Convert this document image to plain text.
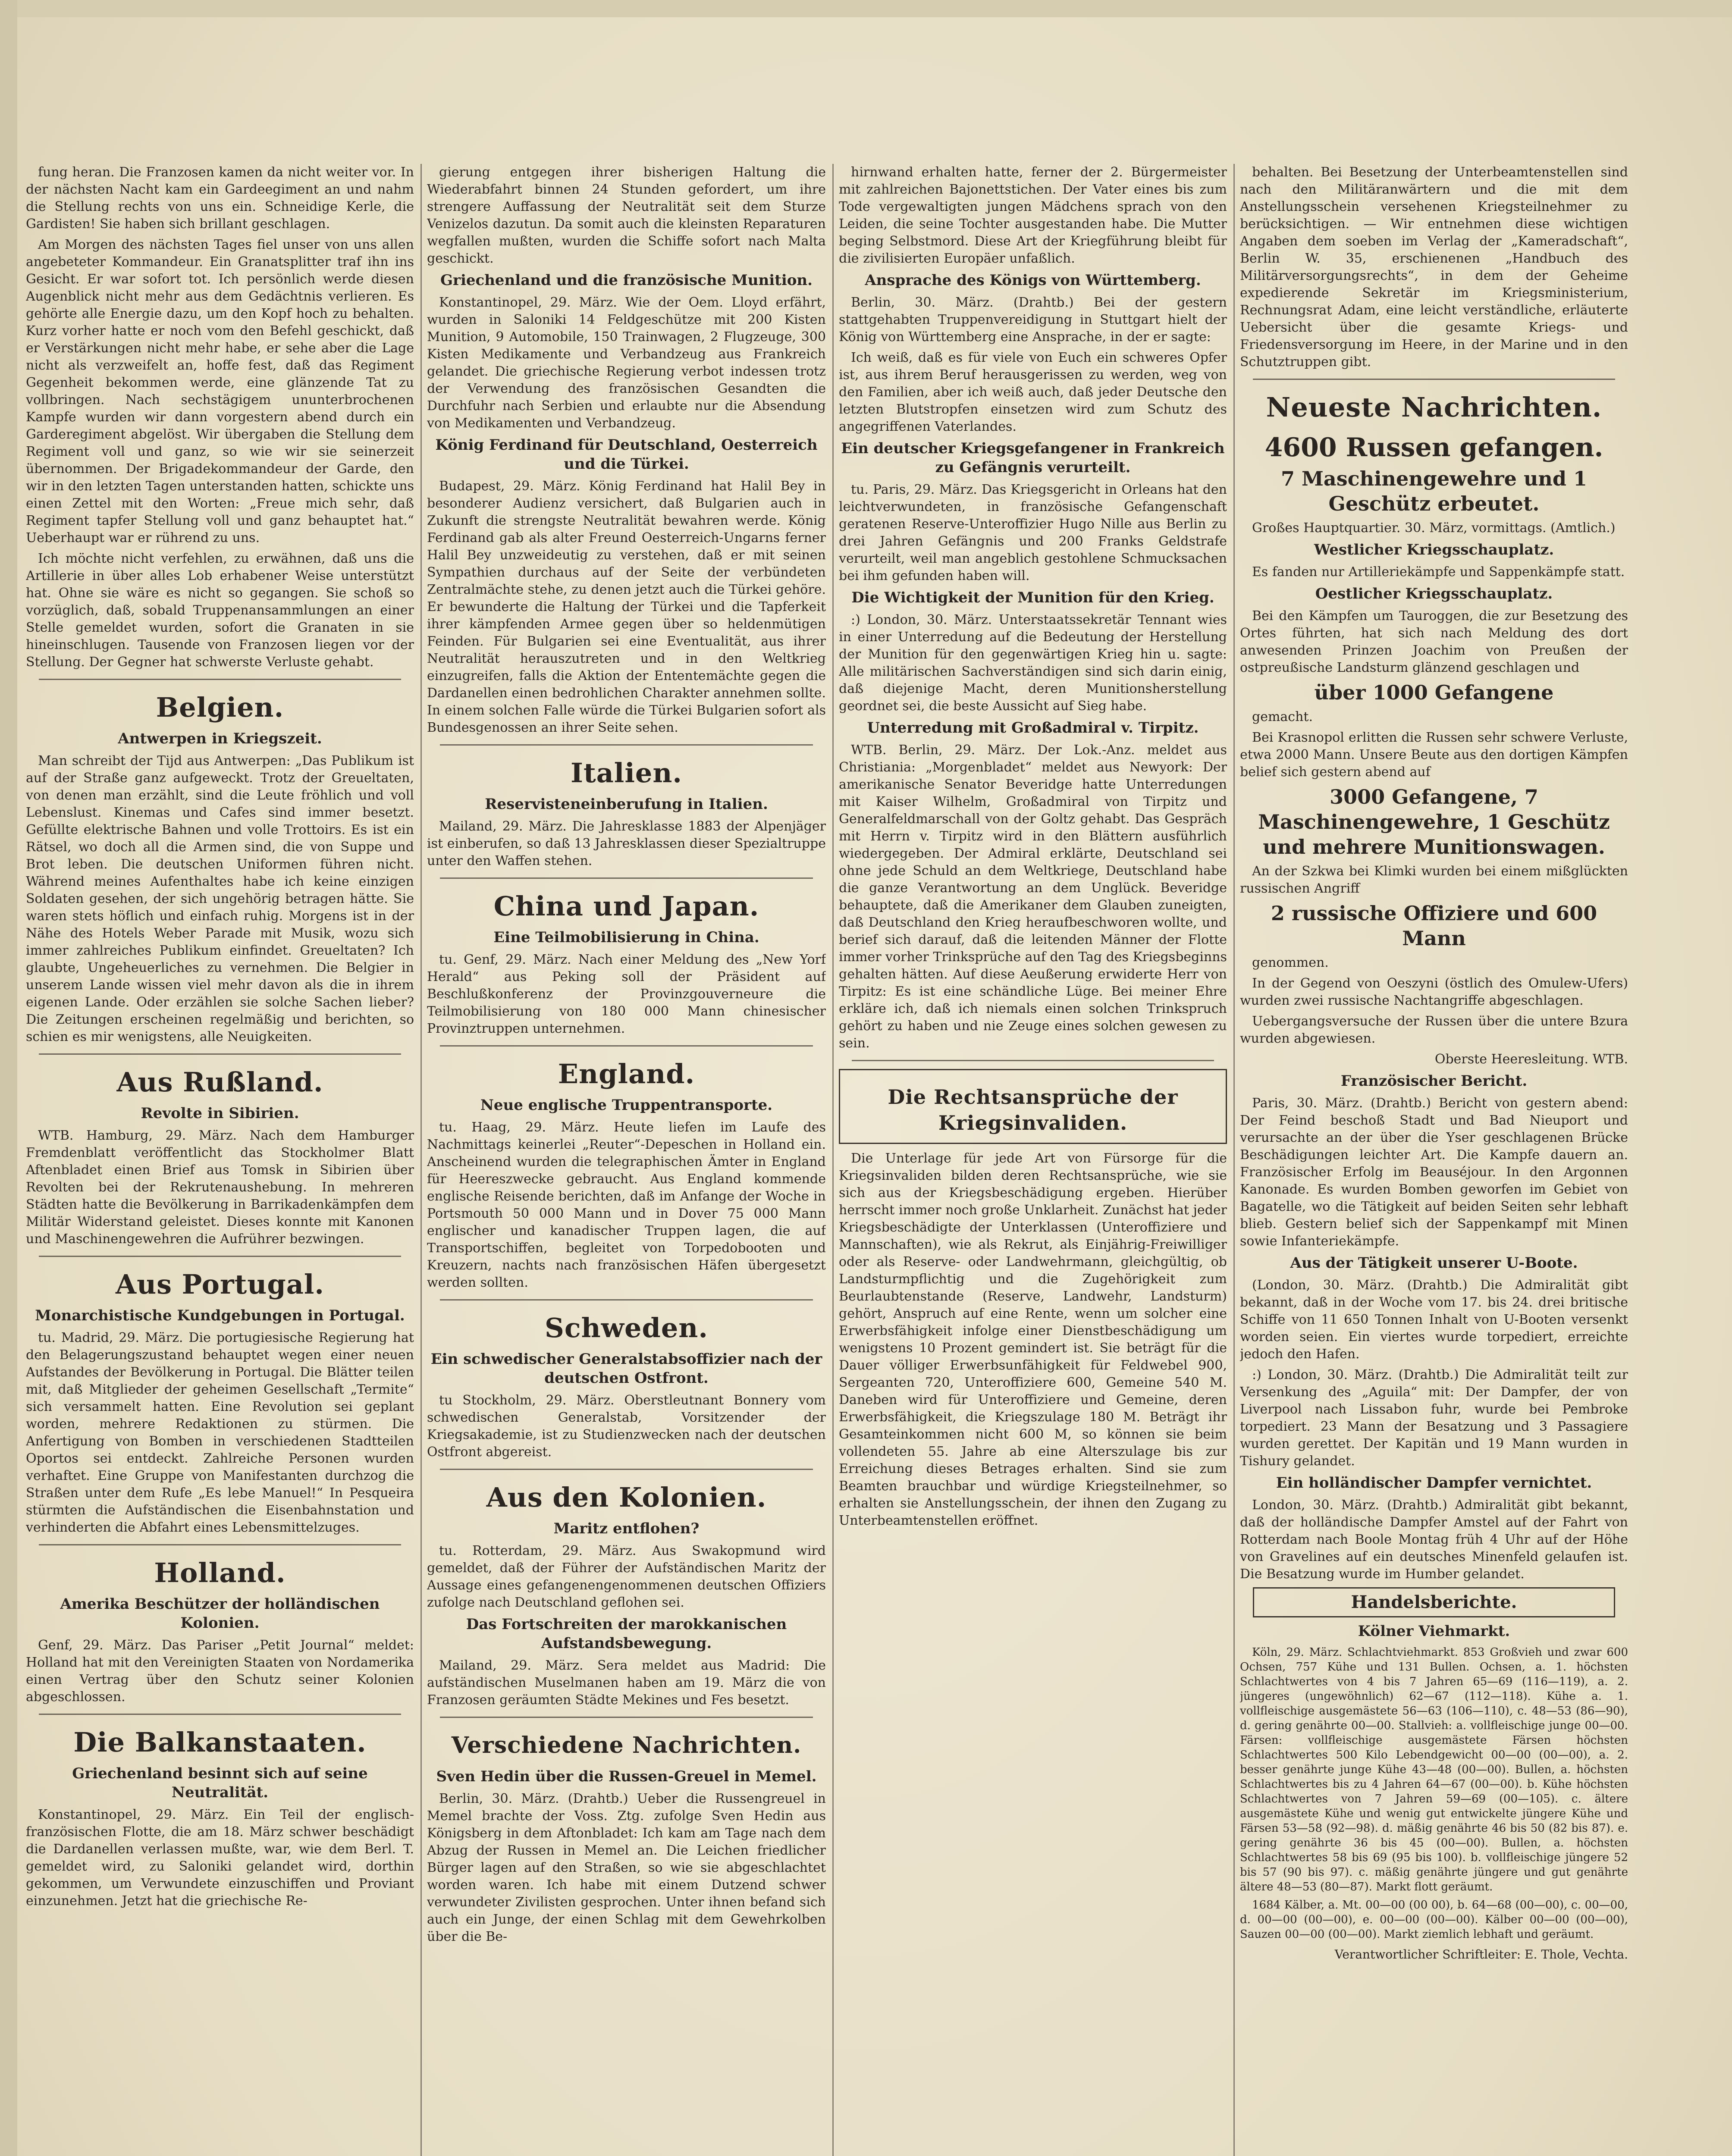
fung heran. Die Franzosen kamen da nicht weiter vor. In der nächsten Nacht kam ein Gardeegiment an und nahm die Stellung rechts von uns ein. Schneidige Kerle, die Gardisten! Sie haben sich brillant geschlagen.

Am Morgen des nächsten Tages fiel unser von uns allen angebeteter Kommandeur. Ein Granatsplitter traf ihn ins Gesicht. Er war sofort tot. Ich persönlich werde diesen Augenblick nicht mehr aus dem Gedächtnis verlieren. Es gehörte alle Energie dazu, um den Kopf hoch zu behalten. Kurz vorher hatte er noch vom den Befehl geschickt, daß er Verstärkungen nicht mehr habe, er sehe aber die Lage nicht als verzweifelt an, hoffe fest, daß das Regiment Gegenheit bekommen werde, eine glänzende Tat zu vollbringen. Nach sechstägigem ununterbrochenen Kampfe wurden wir dann vorgestern abend durch ein Garderegiment abgelöst. Wir übergaben die Stellung dem Regiment voll und ganz, so wie wir sie seinerzeit übernommen. Der Brigadekommandeur der Garde, den wir in den letzten Tagen unterstanden hatten, schickte uns einen Zettel mit den Worten: „Freue mich sehr, daß Regiment tapfer Stellung voll und ganz behauptet hat.“ Ueberhaupt war er rührend zu uns.

Ich möchte nicht verfehlen, zu erwähnen, daß uns die Artillerie in über alles Lob erhabener Weise unterstützt hat. Ohne sie wäre es nicht so gegangen. Sie schoß so vorzüglich, daß, sobald Truppenansammlungen an einer Stelle gemeldet wurden, sofort die Granaten in sie hineinschlugen. Tausende von Franzosen liegen vor der Stellung. Der Gegner hat schwerste Verluste gehabt.

Belgien.
Antwerpen in Kriegszeit.

Man schreibt der Tijd aus Antwerpen: „Das Publikum ist auf der Straße ganz aufgeweckt. Trotz der Greueltaten, von denen man erzählt, sind die Leute fröhlich und voll Lebenslust. Kinemas und Cafes sind immer besetzt. Gefüllte elektrische Bahnen und volle Trottoirs. Es ist ein Rätsel, wo doch all die Armen sind, die von Suppe und Brot leben. Die deutschen Uniformen führen nicht. Während meines Aufenthaltes habe ich keine einzigen Soldaten gesehen, der sich ungehörig betragen hätte. Sie waren stets höflich und einfach ruhig. Morgens ist in der Nähe des Hotels Weber Parade mit Musik, wozu sich immer zahlreiches Publikum einfindet. Greueltaten? Ich glaubte, Ungeheuerliches zu vernehmen. Die Belgier in unserem Lande wissen viel mehr davon als die in ihrem eigenen Lande. Oder erzählen sie solche Sachen lieber? Die Zeitungen erscheinen regelmäßig und berichten, so schien es mir wenigstens, alle Neuigkeiten.

Aus Rußland.
Revolte in Sibirien.

WTB. Hamburg, 29. März. Nach dem Hamburger Fremdenblatt veröffentlicht das Stockholmer Blatt Aftenbladet einen Brief aus Tomsk in Sibirien über Revolten bei der Rekrutenaushebung. In mehreren Städten hatte die Bevölkerung in Barrikadenkämpfen dem Militär Widerstand geleistet. Dieses konnte mit Kanonen und Maschinengewehren die Aufrührer bezwingen.

Aus Portugal.
Monarchistische Kundgebungen in Portugal.

tu. Madrid, 29. März. Die portugiesische Regierung hat den Belagerungszustand behauptet wegen einer neuen Aufstandes der Bevölkerung in Portugal. Die Blätter teilen mit, daß Mitglieder der geheimen Gesellschaft „Termite“ sich versammelt hatten. Eine Revolution sei geplant worden, mehrere Redaktionen zu stürmen. Die Anfertigung von Bomben in verschiedenen Stadtteilen Oportos sei entdeckt. Zahlreiche Personen wurden verhaftet. Eine Gruppe von Manifestanten durchzog die Straßen unter dem Rufe „Es lebe Manuel!“ In Pesqueira stürmten die Aufständischen die Eisenbahnstation und verhinderten die Abfahrt eines Lebensmittelzuges.

Holland.
Amerika Beschützer der holländischen Kolonien.

Genf, 29. März. Das Pariser „Petit Journal“ meldet: Holland hat mit den Vereinigten Staaten von Nordamerika einen Vertrag über den Schutz seiner Kolonien abgeschlossen.

Die Balkanstaaten.
Griechenland besinnt sich auf seine Neutralität.

Konstantinopel, 29. März. Ein Teil der englisch-französischen Flotte, die am 18. März schwer beschädigt die Dardanellen verlassen mußte, war, wie dem Berl. T. gemeldet wird, zu Saloniki gelandet wird, dorthin gekommen, um Verwundete einzuschiffen und Proviant einzunehmen. Jetzt hat die griechische Re-

gierung entgegen ihrer bisherigen Haltung die Wiederabfahrt binnen 24 Stunden gefordert, um ihre strengere Auffassung der Neutralität seit dem Sturze Venizelos dazutun. Da somit auch die kleinsten Reparaturen wegfallen mußten, wurden die Schiffe sofort nach Malta geschickt.

Griechenland und die französische Munition.

Konstantinopel, 29. März. Wie der Oem. Lloyd erfährt, wurden in Saloniki 14 Feldgeschütze mit 200 Kisten Munition, 9 Automobile, 150 Trainwagen, 2 Flugzeuge, 300 Kisten Medikamente und Verbandzeug aus Frankreich gelandet. Die griechische Regierung verbot indessen trotz der Verwendung des französischen Gesandten die Durchfuhr nach Serbien und erlaubte nur die Absendung von Medikamenten und Verbandzeug.

König Ferdinand für Deutschland, Oesterreich und die Türkei.

Budapest, 29. März. König Ferdinand hat Halil Bey in besonderer Audienz versichert, daß Bulgarien auch in Zukunft die strengste Neutralität bewahren werde. König Ferdinand gab als alter Freund Oesterreich-Ungarns ferner Halil Bey unzweideutig zu verstehen, daß er mit seinen Sympathien durchaus auf der Seite der verbündeten Zentralmächte stehe, zu denen jetzt auch die Türkei gehöre. Er bewunderte die Haltung der Türkei und die Tapferkeit ihrer kämpfenden Armee gegen über so heldenmütigen Feinden. Für Bulgarien sei eine Eventualität, aus ihrer Neutralität herauszutreten und in den Weltkrieg einzugreifen, falls die Aktion der Ententemächte gegen die Dardanellen einen bedrohlichen Charakter annehmen sollte. In einem solchen Falle würde die Türkei Bulgarien sofort als Bundesgenossen an ihrer Seite sehen.

Italien.
Reservisteneinberufung in Italien.

Mailand, 29. März. Die Jahresklasse 1883 der Alpenjäger ist einberufen, so daß 13 Jahresklassen dieser Spezialtruppe unter den Waffen stehen.

China und Japan.
Eine Teilmobilisierung in China.

tu. Genf, 29. März. Nach einer Meldung des „New Yorf Herald“ aus Peking soll der Präsident auf Beschlußkonferenz der Provinzgouverneure die Teilmobilisierung von 180 000 Mann chinesischer Provinztruppen unternehmen.

England.
Neue englische Truppentransporte.

tu. Haag, 29. März. Heute liefen im Laufe des Nachmittags keinerlei „Reuter“-Depeschen in Holland ein. Anscheinend wurden die telegraphischen Ämter in England für Heereszwecke gebraucht. Aus England kommende englische Reisende berichten, daß im Anfange der Woche in Portsmouth 50 000 Mann und in Dover 75 000 Mann englischer und kanadischer Truppen lagen, die auf Transportschiffen, begleitet von Torpedobooten und Kreuzern, nachts nach französischen Häfen übergesetzt werden sollten.

Schweden.
Ein schwedischer Generalstabsoffizier nach der deutschen Ostfront.

tu Stockholm, 29. März. Oberstleutnant Bonnery vom schwedischen Generalstab, Vorsitzender der Kriegsakademie, ist zu Studienzwecken nach der deutschen Ostfront abgereist.

Aus den Kolonien.
Maritz entflohen?

tu. Rotterdam, 29. März. Aus Swakopmund wird gemeldet, daß der Führer der Aufständischen Maritz der Aussage eines gefangenengenommenen deutschen Offiziers zufolge nach Deutschland geflohen sei.

Das Fortschreiten der marokkanischen Aufstandsbewegung.

Mailand, 29. März. Sera meldet aus Madrid: Die aufständischen Muselmanen haben am 19. März die von Franzosen geräumten Städte Mekines und Fes besetzt.

Verschiedene Nachrichten.
Sven Hedin über die Russen-Greuel in Memel.

Berlin, 30. März. (Drahtb.) Ueber die Russengreuel in Memel brachte der Voss. Ztg. zufolge Sven Hedin aus Königsberg in dem Aftonbladet: Ich kam am Tage nach dem Abzug der Russen in Memel an. Die Leichen friedlicher Bürger lagen auf den Straßen, so wie sie abgeschlachtet worden waren. Ich habe mit einem Dutzend schwer verwundeter Zivilisten gesprochen. Unter ihnen befand sich auch ein Junge, der einen Schlag mit dem Gewehrkolben über die Be-

hirnwand erhalten hatte, ferner der 2. Bürgermeister mit zahlreichen Bajonettstichen. Der Vater eines bis zum Tode vergewaltigten jungen Mädchens sprach von den Leiden, die seine Tochter ausgestanden habe. Die Mutter beging Selbstmord. Diese Art der Kriegführung bleibt für die zivilisierten Europäer unfaßlich.

Ansprache des Königs von Württemberg.

Berlin, 30. März. (Drahtb.) Bei der gestern stattgehabten Truppenvereidigung in Stuttgart hielt der König von Württemberg eine Ansprache, in der er sagte:

Ich weiß, daß es für viele von Euch ein schweres Opfer ist, aus ihrem Beruf herausgerissen zu werden, weg von den Familien, aber ich weiß auch, daß jeder Deutsche den letzten Blutstropfen einsetzen wird zum Schutz des angegriffenen Vaterlandes.

Ein deutscher Kriegsgefangener in Frankreich zu Gefängnis verurteilt.

tu. Paris, 29. März. Das Kriegsgericht in Orleans hat den leichtverwundeten, in französische Gefangenschaft geratenen Reserve-Unteroffizier Hugo Nille aus Berlin zu drei Jahren Gefängnis und 200 Franks Geldstrafe verurteilt, weil man angeblich gestohlene Schmucksachen bei ihm gefunden haben will.

Die Wichtigkeit der Munition für den Krieg.

:) London, 30. März. Unterstaatssekretär Tennant wies in einer Unterredung auf die Bedeutung der Herstellung der Munition für den gegenwärtigen Krieg hin u. sagte: Alle militärischen Sachverständigen sind sich darin einig, daß diejenige Macht, deren Munitionsherstellung geordnet sei, die beste Aussicht auf Sieg habe.

Unterredung mit Großadmiral v. Tirpitz.

WTB. Berlin, 29. März. Der Lok.-Anz. meldet aus Christiania: „Morgenbladet“ meldet aus Newyork: Der amerikanische Senator Beveridge hatte Unterredungen mit Kaiser Wilhelm, Großadmiral von Tirpitz und Generalfeldmarschall von der Goltz gehabt. Das Gespräch mit Herrn v. Tirpitz wird in den Blättern ausführlich wiedergegeben. Der Admiral erklärte, Deutschland sei ohne jede Schuld an dem Weltkriege, Deutschland habe die ganze Verantwortung an dem Unglück. Beveridge behauptete, daß die Amerikaner dem Glauben zuneigten, daß Deutschland den Krieg heraufbeschworen wollte, und berief sich darauf, daß die leitenden Männer der Flotte immer vorher Trinksprüche auf den Tag des Kriegsbeginns gehalten hätten. Auf diese Aeußerung erwiderte Herr von Tirpitz: Es ist eine schändliche Lüge. Bei meiner Ehre erkläre ich, daß ich niemals einen solchen Trinkspruch gehört zu haben und nie Zeuge eines solchen gewesen zu sein.

Die Rechtsansprüche der Kriegsinvaliden.

Die Unterlage für jede Art von Fürsorge für die Kriegsinvaliden bilden deren Rechtsansprüche, wie sie sich aus der Kriegsbeschädigung ergeben. Hierüber herrscht immer noch große Unklarheit. Zunächst hat jeder Kriegsbeschädigte der Unterklassen (Unteroffiziere und Mannschaften), wie als Rekrut, als Einjährig-Freiwilliger oder als Reserve- oder Landwehrmann, gleichgültig, ob Landsturmpflichtig und die Zugehörigkeit zum Beurlaubtenstande (Reserve, Landwehr, Landsturm) gehört, Anspruch auf eine Rente, wenn um solcher eine Erwerbsfähigkeit infolge einer Dienstbeschädigung um wenigstens 10 Prozent gemindert ist. Sie beträgt für die Dauer völliger Erwerbsunfähigkeit für Feldwebel 900, Sergeanten 720, Unteroffiziere 600, Gemeine 540 M. Daneben wird für Unteroffiziere und Gemeine, deren Erwerbsfähigkeit, die Kriegszulage 180 M. Beträgt ihr Gesamteinkommen nicht 600 M, so können sie beim vollendeten 55. Jahre ab eine Alterszulage bis zur Erreichung dieses Betrages erhalten. Sind sie zum Beamten brauchbar und würdige Kriegsteilnehmer, so erhalten sie Anstellungsschein, der ihnen den Zugang zu Unterbeamtenstellen eröffnet.

behalten. Bei Besetzung der Unterbeamtenstellen sind nach den Militäranwärtern und die mit dem Anstellungsschein versehenen Kriegsteilnehmer zu berücksichtigen. — Wir entnehmen diese wichtigen Angaben dem soeben im Verlag der „Kameradschaft“, Berlin W. 35, erschienenen „Handbuch des Militärversorgungsrechts“, in dem der Geheime expedierende Sekretär im Kriegsministerium, Rechnungsrat Adam, eine leicht verständliche, erläuterte Uebersicht über die gesamte Kriegs- und Friedensversorgung im Heere, in der Marine und in den Schutztruppen gibt.

Neueste Nachrichten.
4600 Russen gefangen.
7 Maschinengewehre und 1 Geschütz erbeutet.

Großes Hauptquartier. 30. März, vormittags. (Amtlich.)

Westlicher Kriegsschauplatz.

Es fanden nur Artilleriekämpfe und Sappenkämpfe statt.

Oestlicher Kriegsschauplatz.

Bei den Kämpfen um Tauroggen, die zur Besetzung des Ortes führten, hat sich nach Meldung des dort anwesenden Prinzen Joachim von Preußen der ostpreußische Landsturm glänzend geschlagen und

über 1000 Gefangene

gemacht.

Bei Krasnopol erlitten die Russen sehr schwere Verluste, etwa 2000 Mann. Unsere Beute aus den dortigen Kämpfen belief sich gestern abend auf

3000 Gefangene, 7 Maschinengewehre, 1 Geschütz und mehrere Munitionswagen.

An der Szkwa bei Klimki wurden bei einem mißglückten russischen Angriff

2 russische Offiziere und 600 Mann

genommen.

In der Gegend von Oeszyni (östlich des Omulew-Ufers) wurden zwei russische Nachtangriffe abgeschlagen.

Uebergangsversuche der Russen über die untere Bzura wurden abgewiesen.

Oberste Heeresleitung. WTB.

Französischer Bericht.

Paris, 30. März. (Drahtb.) Bericht von gestern abend: Der Feind beschoß Stadt und Bad Nieuport und verursachte an der über die Yser geschlagenen Brücke Beschädigungen leichter Art. Die Kampfe dauern an. Französischer Erfolg im Beauséjour. In den Argonnen Kanonade. Es wurden Bomben geworfen im Gebiet von Bagatelle, wo die Tätigkeit auf beiden Seiten sehr lebhaft blieb. Gestern belief sich der Sappenkampf mit Minen sowie Infanteriekämpfe.

Aus der Tätigkeit unserer U-Boote.

(London, 30. März. (Drahtb.) Die Admiralität gibt bekannt, daß in der Woche vom 17. bis 24. drei britische Schiffe von 11 650 Tonnen Inhalt von U-Booten versenkt worden seien. Ein viertes wurde torpediert, erreichte jedoch den Hafen.

:) London, 30. März. (Drahtb.) Die Admiralität teilt zur Versenkung des „Aguila“ mit: Der Dampfer, der von Liverpool nach Lissabon fuhr, wurde bei Pembroke torpediert. 23 Mann der Besatzung und 3 Passagiere wurden gerettet. Der Kapitän und 19 Mann wurden in Tishury gelandet.

Ein holländischer Dampfer vernichtet.

London, 30. März. (Drahtb.) Admiralität gibt bekannt, daß der holländische Dampfer Amstel auf der Fahrt von Rotterdam nach Boole Montag früh 4 Uhr auf der Höhe von Gravelines auf ein deutsches Minenfeld gelaufen ist. Die Besatzung wurde im Humber gelandet.

Handelsberichte.
Kölner Viehmarkt.

Köln, 29. März. Schlachtviehmarkt. 853 Großvieh und zwar 600 Ochsen, 757 Kühe und 131 Bullen. Ochsen, a. 1. höchsten Schlachtwertes von 4 bis 7 Jahren 65—69 (116—119), a. 2. jüngeres (ungewöhnlich) 62—67 (112—118). Kühe a. 1. vollfleischige ausgemästete 56—63 (106—110), c. 48—53 (86—90), d. gering genährte 00—00. Stallvieh: a. vollfleischige junge 00—00. Färsen: vollfleischige ausgemästete Färsen höchsten Schlachtwertes 500 Kilo Lebendgewicht 00—00 (00—00), a. 2. besser genährte junge Kühe 43—48 (00—00). Bullen, a. höchsten Schlachtwertes bis zu 4 Jahren 64—67 (00—00). b. Kühe höchsten Schlachtwertes von 7 Jahren 59—69 (00—105). c. ältere ausgemästete Kühe und wenig gut entwickelte jüngere Kühe und Färsen 53—58 (92—98). d. mäßig genährte 46 bis 50 (82 bis 87). e. gering genährte 36 bis 45 (00—00). Bullen, a. höchsten Schlachtwertes 58 bis 69 (95 bis 100). b. vollfleischige jüngere 52 bis 57 (90 bis 97). c. mäßig genährte jüngere und gut genährte ältere 48—53 (80—87). Markt flott geräumt.

1684 Kälber, a. Mt. 00—00 (00 00), b. 64—68 (00—00), c. 00—00, d. 00—00 (00—00), e. 00—00 (00—00). Kälber 00—00 (00—00), Sauzen 00—00 (00—00). Markt ziemlich lebhaft und geräumt.

Verantwortlicher Schriftleiter: E. Thole, Vechta.
